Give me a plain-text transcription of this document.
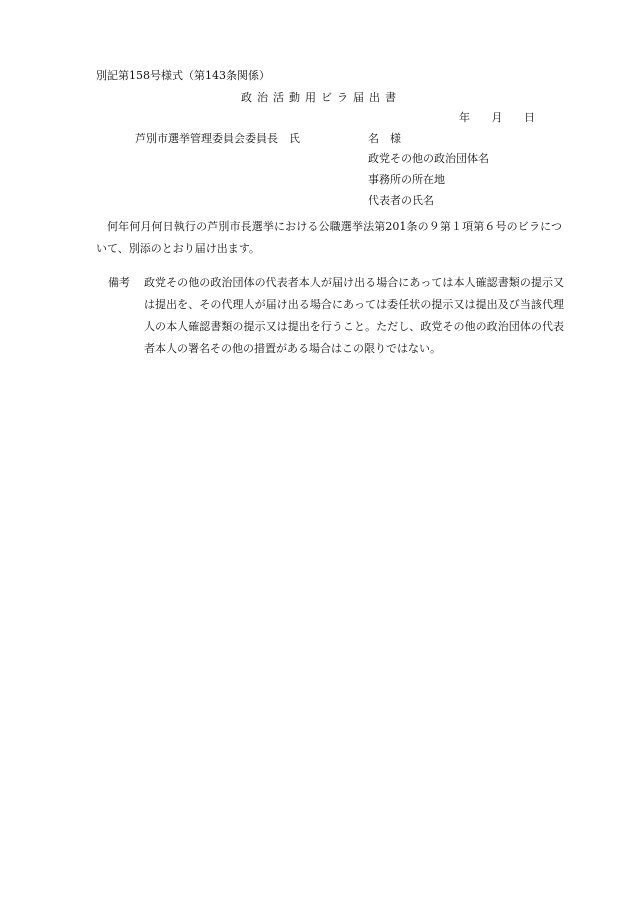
別記第158号様式（第143条関係）
政治活動用ビラ届出書
年 月 日
芦別市選挙管理委員会委員長　氏	名　様
政党その他の政治団体名
事務所の所在地
代表者の氏名
何年何月何日執行の芦別市長選挙における公職選挙法第201条の９第１項第６号のビラについて、別添のとおり届け出ます。
備考 政党その他の政治団体の代表者本人が届け出る場合にあっては本人確認書類の提示又は提出を、その代理人が届け出る場合にあっては委任状の提示又は提出及び当該代理人の本人確認書類の提示又は提出を行うこと。ただし、政党その他の政治団体の代表者本人の署名その他の措置がある場合はこの限りではない。
